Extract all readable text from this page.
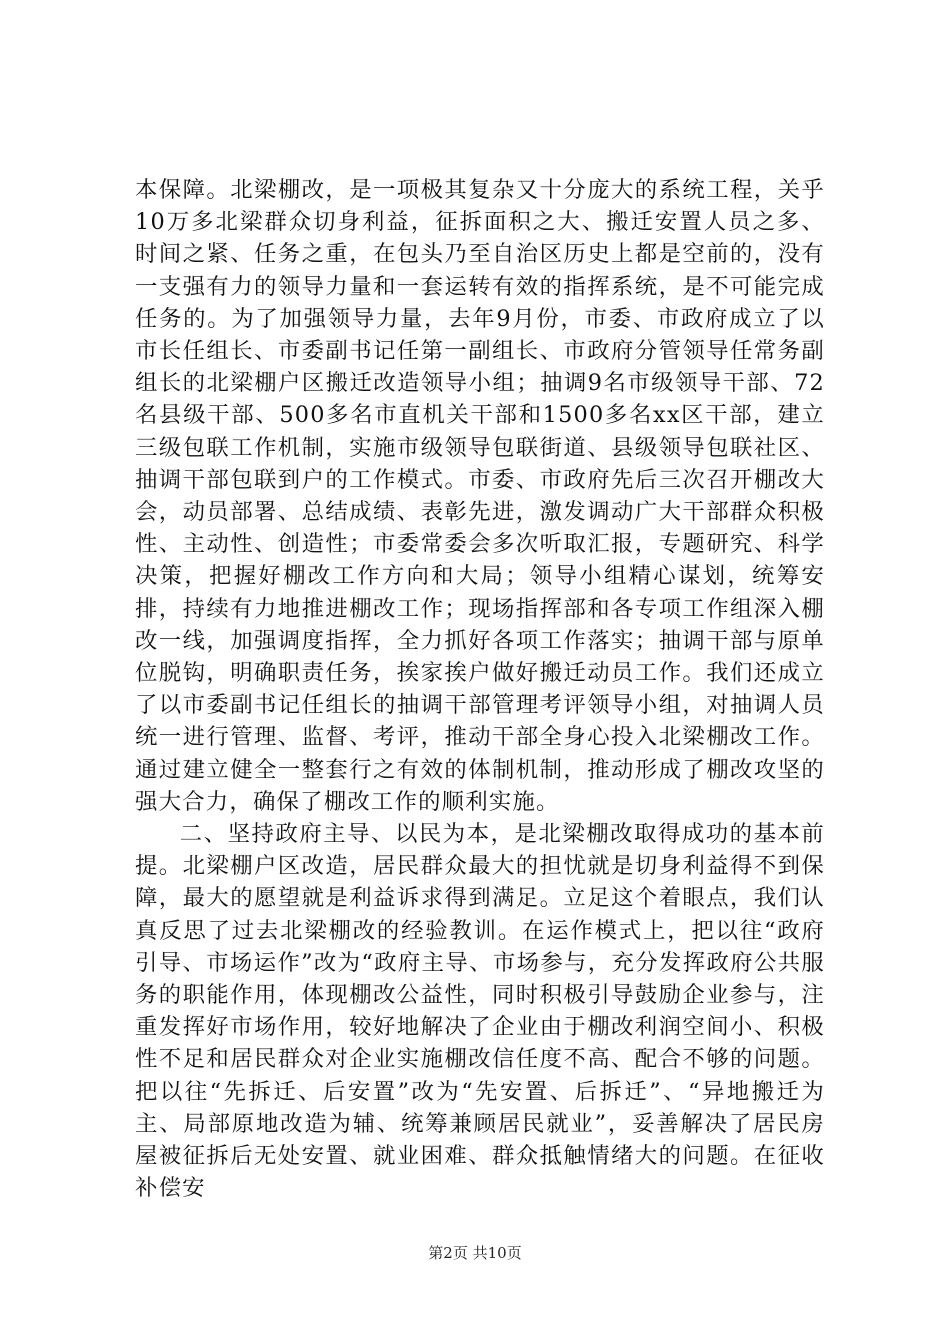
本保障。北梁棚改，是一项极其复杂又十分庞大的系统工程，关乎10万多北梁群众切身利益，征拆面积之大、搬迁安置人员之多、时间之紧、任务之重，在包头乃至自治区历史上都是空前的，没有一支强有力的领导力量和一套运转有效的指挥系统，是不可能完成任务的。为了加强领导力量，去年9月份，市委、市政府成立了以市长任组长、市委副书记任第一副组长、市政府分管领导任常务副组长的北梁棚户区搬迁改造领导小组；抽调9名市级领导干部、72名县级干部、500多名市直机关干部和1500多名xx区干部，建立三级包联工作机制，实施市级领导包联街道、县级领导包联社区、抽调干部包联到户的工作模式。市委、市政府先后三次召开棚改大会，动员部署、总结成绩、表彰先进，激发调动广大干部群众积极性、主动性、创造性；市委常委会多次听取汇报，专题研究、科学决策，把握好棚改工作方向和大局；领导小组精心谋划，统筹安排，持续有力地推进棚改工作；现场指挥部和各专项工作组深入棚改一线，加强调度指挥，全力抓好各项工作落实；抽调干部与原单位脱钩，明确职责任务，挨家挨户做好搬迁动员工作。我们还成立了以市委副书记任组长的抽调干部管理考评领导小组，对抽调人员统一进行管理、监督、考评，推动干部全身心投入北梁棚改工作。通过建立健全一整套行之有效的体制机制，推动形成了棚改攻坚的强大合力，确保了棚改工作的顺利实施。

二、坚持政府主导、以民为本，是北梁棚改取得成功的基本前提。北梁棚户区改造，居民群众最大的担忧就是切身利益得不到保障，最大的愿望就是利益诉求得到满足。立足这个着眼点，我们认真反思了过去北梁棚改的经验教训。在运作模式上，把以往“政府引导、市场运作”改为“政府主导、市场参与，充分发挥政府公共服务的职能作用，体现棚改公益性，同时积极引导鼓励企业参与，注重发挥好市场作用，较好地解决了企业由于棚改利润空间小、积极性不足和居民群众对企业实施棚改信任度不高、配合不够的问题。把以往“先拆迁、后安置”改为“先安置、后拆迁”、“异地搬迁为主、局部原地改造为辅、统筹兼顾居民就业”，妥善解决了居民房屋被征拆后无处安置、就业困难、群众抵触情绪大的问题。在征收补偿安

第2页 共10页
